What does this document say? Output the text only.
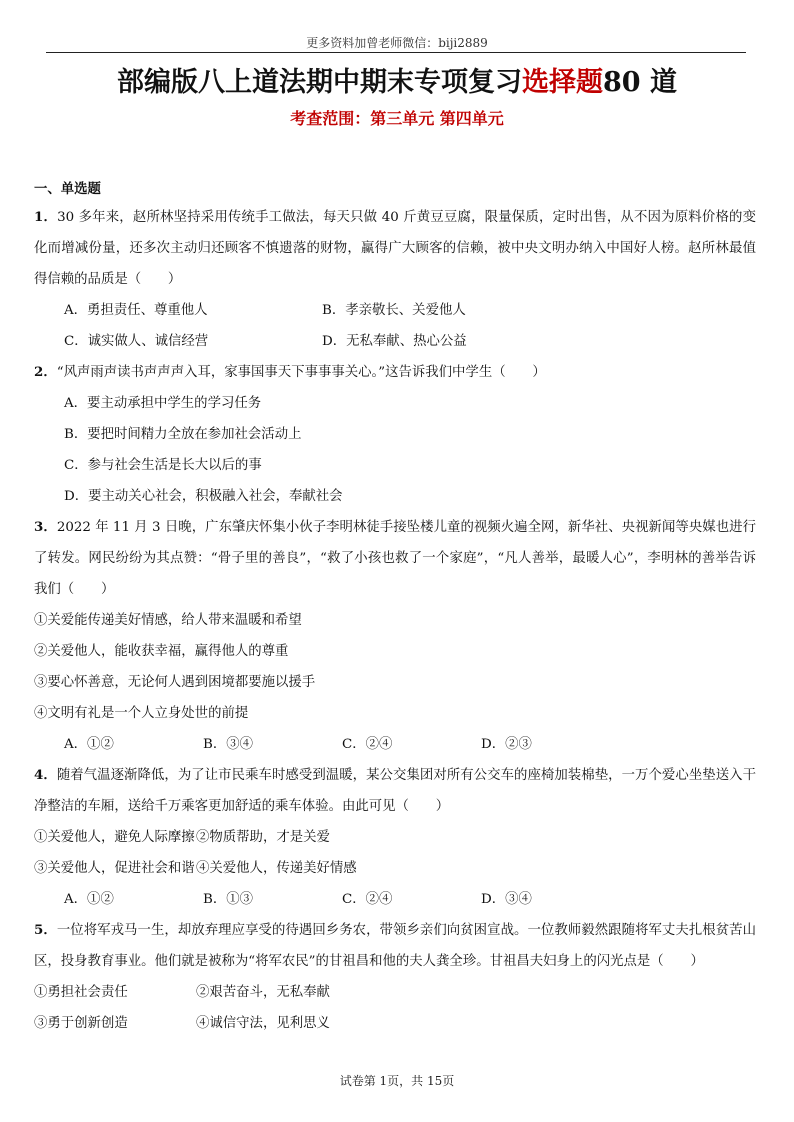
更多资料加曾老师微信：biji2889
部编版八上道法期中期末专项复习选择题80 道
考查范围：第三单元 第四单元
一、单选题

1．30 多年来，赵所林坚持采用传统手工做法，每天只做 40 斤黄豆豆腐，限量保质，定时出售，从不因为原料价格的变化而增减份量，还多次主动归还顾客不慎遗落的财物，赢得广大顾客的信赖，被中央文明办纳入中国好人榜。赵所林最值得信赖的品质是（　　）

A．勇担责任、尊重他人	B．孝亲敬长、关爱他人
C．诚实做人、诚信经营	D．无私奉献、热心公益

2．“风声雨声读书声声声入耳，家事国事天下事事事关心。”这告诉我们中学生（　　）

A．要主动承担中学生的学习任务
B．要把时间精力全放在参加社会活动上
C．参与社会生活是长大以后的事
D．要主动关心社会，积极融入社会，奉献社会

3．2022 年 11 月 3 日晚，广东肇庆怀集小伙子李明林徒手接坠楼儿童的视频火遍全网，新华社、央视新闻等央媒也进行了转发。网民纷纷为其点赞：“骨子里的善良”，“救了小孩也救了一个家庭”，“凡人善举，最暖人心”，李明林的善举告诉我们（　　）

①关爱能传递美好情感，给人带来温暖和希望
②关爱他人，能收获幸福，赢得他人的尊重
③要心怀善意，无论何人遇到困境都要施以援手
④文明有礼是一个人立身处世的前提
A．①②	B．③④	C．②④	D．②③

4．随着气温逐渐降低，为了让市民乘车时感受到温暖，某公交集团对所有公交车的座椅加装棉垫，一万个爱心坐垫送入干净整洁的车厢，送给千万乘客更加舒适的乘车体验。由此可见（　　）

①关爱他人，避免人际摩擦 ②物质帮助，才是关爱
③关爱他人，促进社会和谐 ④关爱他人，传递美好情感
A．①②	B．①③	C．②④	D．③④

5．一位将军戎马一生，却放弃理应享受的待遇回乡务农，带领乡亲们向贫困宣战。一位教师毅然跟随将军丈夫扎根贫苦山区，投身教育事业。他们就是被称为“将军农民”的甘祖昌和他的夫人龚全珍。甘祖昌夫妇身上的闪光点是（　　）

①勇担社会责任	②艰苦奋斗，无私奉献
③勇于创新创造	④诚信守法，见利思义
试卷第 1页，共 15页
